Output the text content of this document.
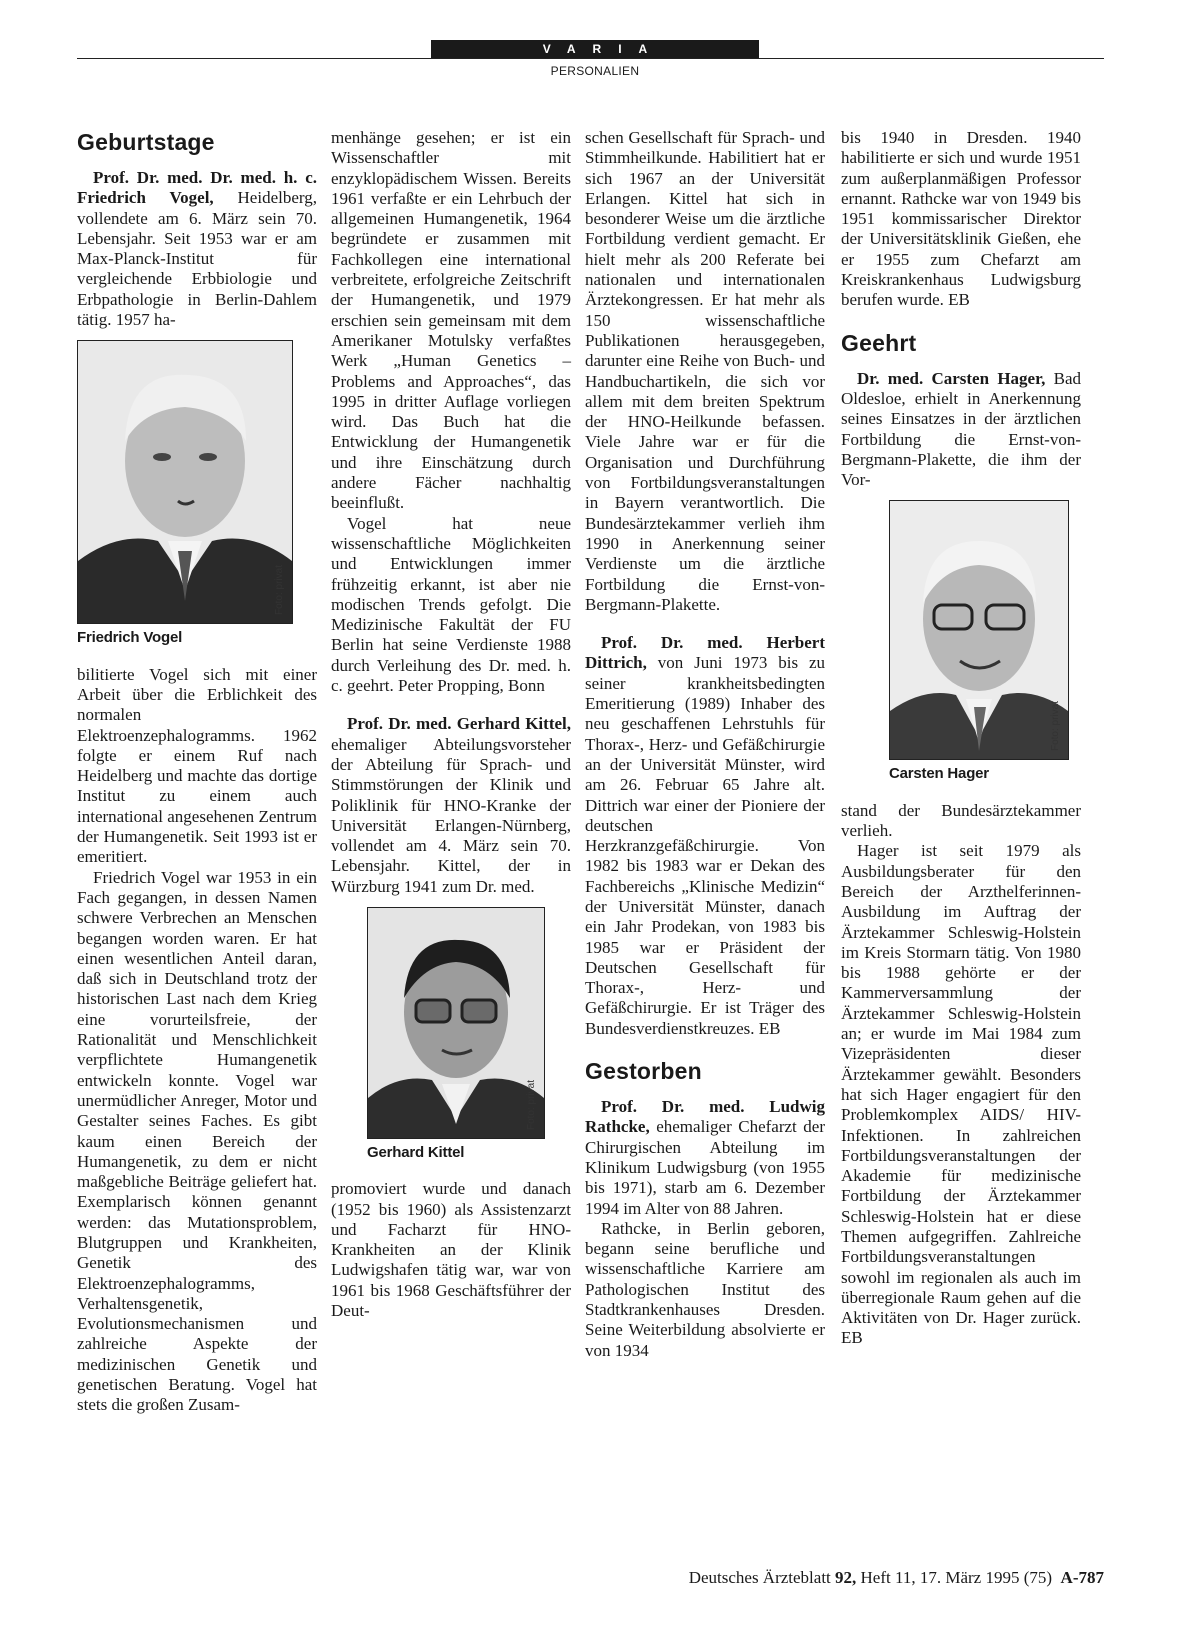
VARIA
PERSONALIEN
Geburtstage

Prof. Dr. med. Dr. med. h. c. Friedrich Vogel, Heidelberg, vollendete am 6. März sein 70. Lebensjahr. Seit 1953 war er am Max-Planck-Institut für vergleichende Erbbiologie und Erbpathologie in Berlin-Dahlem tätig. 1957 ha-

Foto: privat
Friedrich Vogel

bilitierte Vogel sich mit einer Arbeit über die Erblichkeit des normalen Elektroenzephalogramms. 1962 folgte er einem Ruf nach Heidelberg und machte das dortige Institut zu einem auch international angesehenen Zentrum der Humangenetik. Seit 1993 ist er emeritiert.

Friedrich Vogel war 1953 in ein Fach gegangen, in dessen Namen schwere Verbrechen an Menschen begangen worden waren. Er hat einen wesentlichen Anteil daran, daß sich in Deutschland trotz der historischen Last nach dem Krieg eine vorurteilsfreie, der Rationalität und Menschlichkeit verpflichtete Humangenetik entwickeln konnte. Vogel war unermüdlicher Anreger, Motor und Gestalter seines Faches. Es gibt kaum einen Bereich der Humangenetik, zu dem er nicht maßgebliche Beiträge geliefert hat. Exemplarisch können genannt werden: das Mutationsproblem, Blutgruppen und Krankheiten, Genetik des Elektroenzephalogramms, Verhaltensgenetik, Evolutionsmechanismen und zahlreiche Aspekte der medizinischen Genetik und genetischen Beratung. Vogel hat stets die großen Zusam-

menhänge gesehen; er ist ein Wissenschaftler mit enzyklopädischem Wissen. Bereits 1961 verfaßte er ein Lehrbuch der allgemeinen Humangenetik, 1964 begründete er zusammen mit Fachkollegen eine international verbreitete, erfolgreiche Zeitschrift der Humangenetik, und 1979 erschien sein gemeinsam mit dem Amerikaner Motulsky verfaßtes Werk „Human Genetics – Problems and Approaches“, das 1995 in dritter Auflage vorliegen wird. Das Buch hat die Entwicklung der Humangenetik und ihre Einschätzung durch andere Fächer nachhaltig beeinflußt.

Vogel hat neue wissenschaftliche Möglichkeiten und Entwicklungen immer frühzeitig erkannt, ist aber nie modischen Trends gefolgt. Die Medizinische Fakultät der FU Berlin hat seine Verdienste 1988 durch Verleihung des Dr. med. h. c. geehrt. Peter Propping, Bonn

Prof. Dr. med. Gerhard Kittel, ehemaliger Abteilungsvorsteher der Abteilung für Sprach- und Stimmstörungen der Klinik und Poliklinik für HNO-Kranke der Universität Erlangen-Nürnberg, vollendet am 4. März sein 70. Lebensjahr. Kittel, der in Würzburg 1941 zum Dr. med.

Foto: privat
Gerhard Kittel

promoviert wurde und danach (1952 bis 1960) als Assistenzarzt und Facharzt für HNO-Krankheiten an der Klinik Ludwigshafen tätig war, war von 1961 bis 1968 Geschäftsführer der Deut-

schen Gesellschaft für Sprach- und Stimmheilkunde. Habilitiert hat er sich 1967 an der Universität Erlangen. Kittel hat sich in besonderer Weise um die ärztliche Fortbildung verdient gemacht. Er hielt mehr als 200 Referate bei nationalen und internationalen Ärztekongressen. Er hat mehr als 150 wissenschaftliche Publikationen herausgegeben, darunter eine Reihe von Buch- und Handbuchartikeln, die sich vor allem mit dem breiten Spektrum der HNO-Heilkunde befassen. Viele Jahre war er für die Organisation und Durchführung von Fortbildungsveranstaltungen in Bayern verantwortlich. Die Bundesärztekammer verlieh ihm 1990 in Anerkennung seiner Verdienste um die ärztliche Fortbildung die Ernst-von-Bergmann-Plakette.

Prof. Dr. med. Herbert Dittrich, von Juni 1973 bis zu seiner krankheitsbedingten Emeritierung (1989) Inhaber des neu geschaffenen Lehrstuhls für Thorax-, Herz- und Gefäßchirurgie an der Universität Münster, wird am 26. Februar 65 Jahre alt. Dittrich war einer der Pioniere der deutschen Herzkranzgefäßchirurgie. Von 1982 bis 1983 war er Dekan des Fachbereichs „Klinische Medizin“ der Universität Münster, danach ein Jahr Prodekan, von 1983 bis 1985 war er Präsident der Deutschen Gesellschaft für Thorax-, Herz- und Gefäßchirurgie. Er ist Träger des Bundesverdienstkreuzes. EB

Gestorben

Prof. Dr. med. Ludwig Rathcke, ehemaliger Chefarzt der Chirurgischen Abteilung im Klinikum Ludwigsburg (von 1955 bis 1971), starb am 6. Dezember 1994 im Alter von 88 Jahren.

Rathcke, in Berlin geboren, begann seine berufliche und wissenschaftliche Karriere am Pathologischen Institut des Stadtkrankenhauses Dresden. Seine Weiterbildung absolvierte er von 1934

bis 1940 in Dresden. 1940 habilitierte er sich und wurde 1951 zum außerplanmäßigen Professor ernannt. Rathcke war von 1949 bis 1951 kommissarischer Direktor der Universitätsklinik Gießen, ehe er 1955 zum Chefarzt am Kreiskrankenhaus Ludwigsburg berufen wurde. EB

Geehrt

Dr. med. Carsten Hager, Bad Oldesloe, erhielt in Anerkennung seines Einsatzes in der ärztlichen Fortbildung die Ernst-von-Bergmann-Plakette, die ihm der Vor-

Foto: privat
Carsten Hager

stand der Bundesärztekammer verlieh.

Hager ist seit 1979 als Ausbildungsberater für den Bereich der Arzthelferinnen-Ausbildung im Auftrag der Ärztekammer Schleswig-Holstein im Kreis Stormarn tätig. Von 1980 bis 1988 gehörte er der Kammerversammlung der Ärztekammer Schleswig-Holstein an; er wurde im Mai 1984 zum Vizepräsidenten dieser Ärztekammer gewählt. Besonders hat sich Hager engagiert für den Problemkomplex AIDS/ HIV-Infektionen. In zahlreichen Fortbildungsveranstaltungen der Akademie für medizinische Fortbildung der Ärztekammer Schleswig-Holstein hat er diese Themen aufgegriffen. Zahlreiche Fortbildungsveranstaltungen sowohl im regionalen als auch im überregionale Raum gehen auf die Aktivitäten von Dr. Hager zurück. EB

Deutsches Ärzteblatt 92, Heft 11, 17. März 1995 (75) A-787
